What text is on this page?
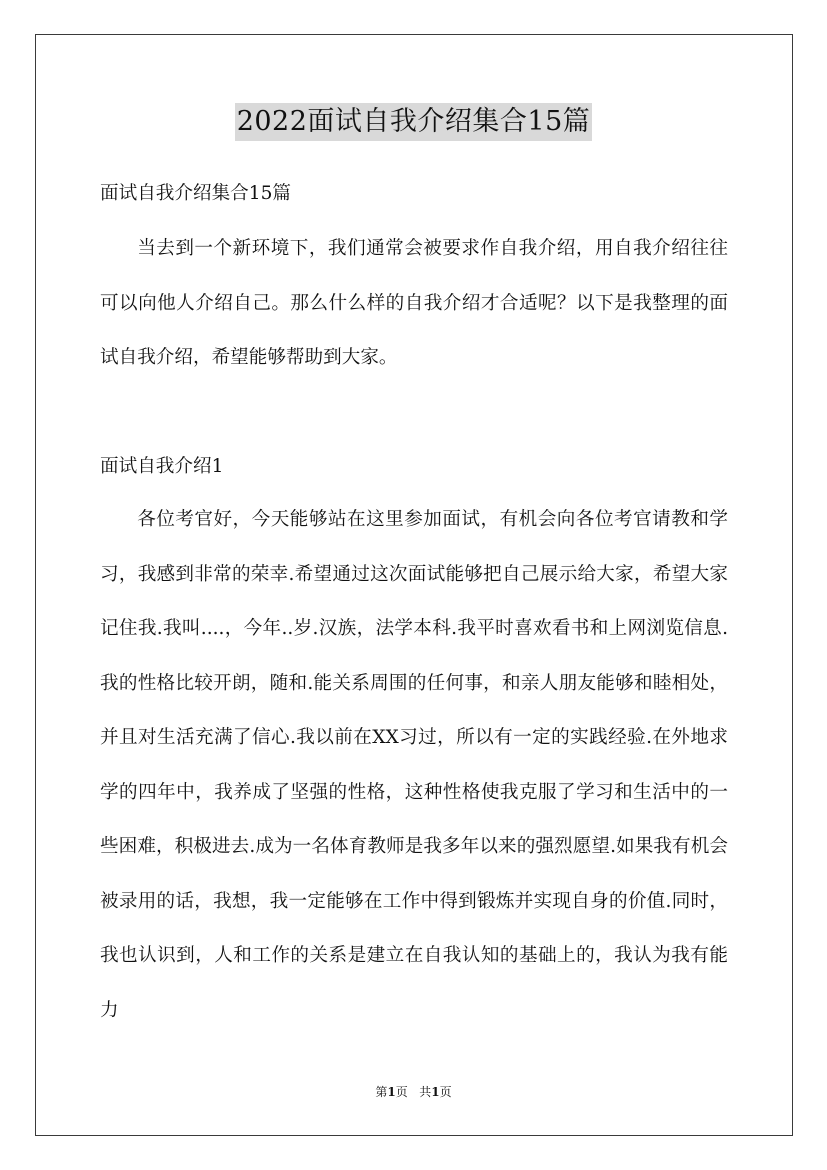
2022面试自我介绍集合15篇
面试自我介绍集合15篇

当去到一个新环境下，我们通常会被要求作自我介绍，用自我介绍往往可以向他人介绍自己。那么什么样的自我介绍才合适呢？以下是我整理的面试自我介绍，希望能够帮助到大家。

面试自我介绍1

各位考官好，今天能够站在这里参加面试，有机会向各位考官请教和学习，我感到非常的荣幸.希望通过这次面试能够把自己展示给大家，希望大家记住我.我叫....，今年..岁.汉族，法学本科.我平时喜欢看书和上网浏览信息.我的性格比较开朗，随和.能关系周围的任何事，和亲人朋友能够和睦相处，并且对生活充满了信心.我以前在XX习过，所以有一定的实践经验.在外地求学的四年中，我养成了坚强的性格，这种性格使我克服了学习和生活中的一些困难，积极进去.成为一名体育教师是我多年以来的强烈愿望.如果我有机会被录用的话，我想，我一定能够在工作中得到锻炼并实现自身的价值.同时，我也认识到，人和工作的关系是建立在自我认知的基础上的，我认为我有能力

第1页 共1页
